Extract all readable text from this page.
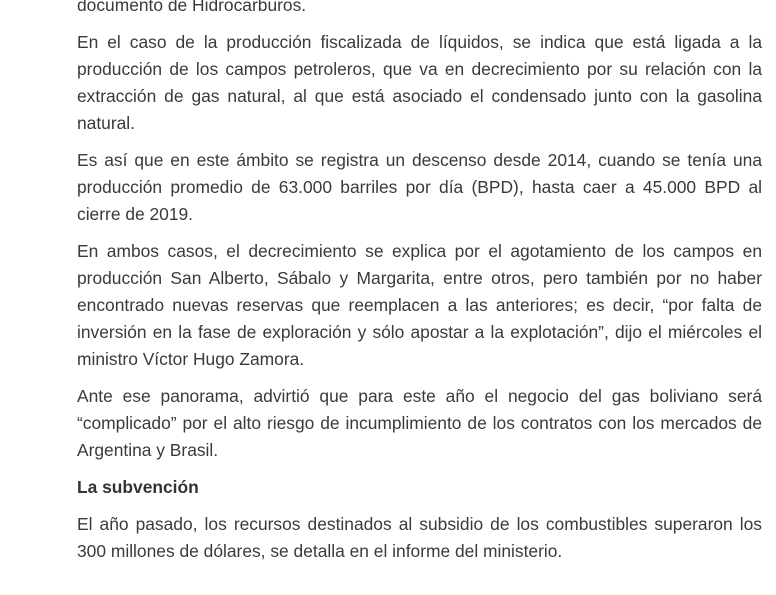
documento de Hidrocarburos.

En el caso de la producción fiscalizada de líquidos, se indica que está ligada a la producción de los campos petroleros, que va en decrecimiento por su relación con la extracción de gas natural, al que está asociado el condensado junto con la gasolina natural.

Es así que en este ámbito se registra un descenso desde 2014, cuando se tenía una producción promedio de 63.000 barriles por día (BPD), hasta caer a 45.000 BPD al cierre de 2019.

En ambos casos, el decrecimiento se explica por el agotamiento de los campos en producción San Alberto, Sábalo y Margarita, entre otros, pero también por no haber encontrado nuevas reservas que reemplacen a las anteriores; es decir, “por falta de inversión en la fase de exploración y sólo apostar a la explotación”, dijo el miércoles el ministro Víctor Hugo Zamora.

Ante ese panorama, advirtió que para este año el negocio del gas boliviano será “complicado” por el alto riesgo de incumplimiento de los contratos con los mercados de Argentina y Brasil.

La subvención

El año pasado, los recursos destinados al subsidio de los combustibles superaron los 300 millones de dólares, se detalla en el informe del ministerio.
